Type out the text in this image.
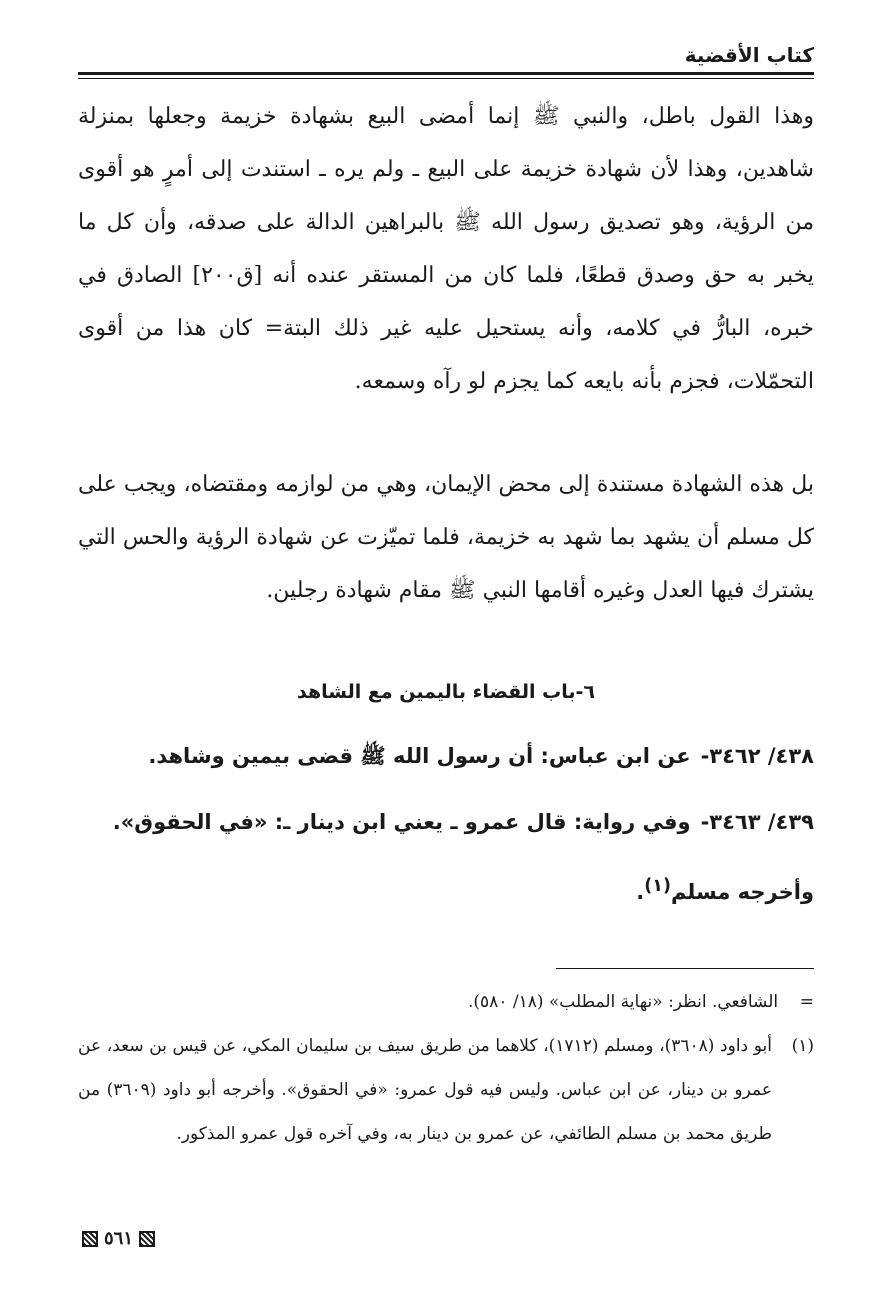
كتاب الأقضية

وهذا القول باطل، والنبي ﷺ إنما أمضى البيع بشهادة خزيمة وجعلها بمنزلة شاهدين، وهذا لأن شهادة خزيمة على البيع ـ ولم يره ـ استندت إلى أمرٍ هو أقوى من الرؤية، وهو تصديق رسول الله ﷺ بالبراهين الدالة على صدقه، وأن كل ما يخبر به حق وصدق قطعًا، فلما كان من المستقر عنده أنه [ق٢٠٠] الصادق في خبره، البارُّ في كلامه، وأنه يستحيل عليه غير ذلك البتة= كان هذا من أقوى التحمّلات، فجزم بأنه بايعه كما يجزم لو رآه وسمعه.

بل هذه الشهادة مستندة إلى محض الإيمان، وهي من لوازمه ومقتضاه، ويجب على كل مسلم أن يشهد بما شهد به خزيمة، فلما تميّزت عن شهادة الرؤية والحس التي يشترك فيها العدل وغيره أقامها النبي ﷺ مقام شهادة رجلين.

٦-باب القضاء باليمين مع الشاهد
٤٣٨/ ٣٤٦٢-عن ابن عباس: أن رسول الله ﷺ قضى بيمين وشاهد.
٤٣٩/ ٣٤٦٣-وفي رواية: قال عمرو ـ يعني ابن دينار ـ: «في الحقوق».
وأخرجه مسلم$^{(١)}$.

=    الشافعي. انظر: «نهاية المطلب» (١٨/ ٥٨٠).

(١)
أبو داود (٣٦٠٨)، ومسلم (١٧١٢)، كلاهما من طريق سيف بن سليمان المكي، عن قيس بن سعد، عن عمرو بن دينار، عن ابن عباس. وليس فيه قول عمرو: «في الحقوق». وأخرجه أبو داود (٣٦٠٩) من طريق محمد بن مسلم الطائفي، عن عمرو بن دينار به، وفي آخره قول عمرو المذكور.
٥٦١
